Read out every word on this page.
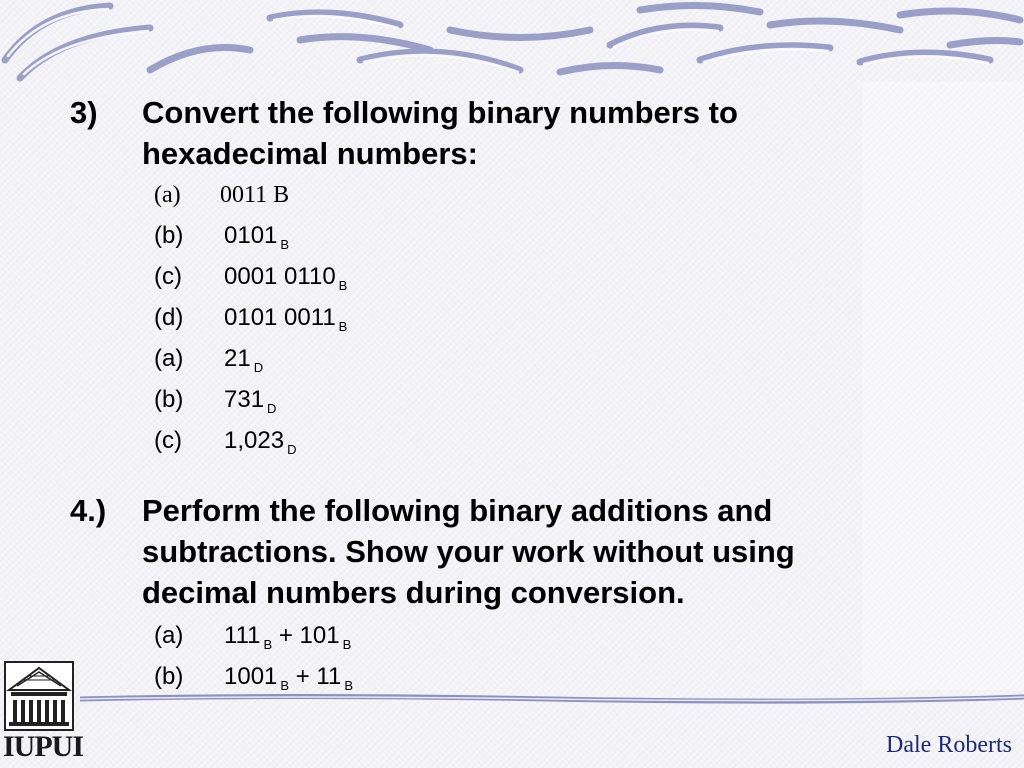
3) Convert the following binary numbers to hexadecimal numbers:
(a) 0011 B
(b) 0101 $_B$
(c) 0001 0110 $_B$
(d) 0101 0011 $_B$
(a) 21 $_D$
(b) 731 $_D$
(c) 1,023 $_D$
4.) Perform the following binary additions and subtractions. Show your work without using decimal numbers during conversion.
(a) 111 $_B$ + 101 $_B$
(b) 1001 $_B$ + 11 $_B$
IUPUI	Dale Roberts
